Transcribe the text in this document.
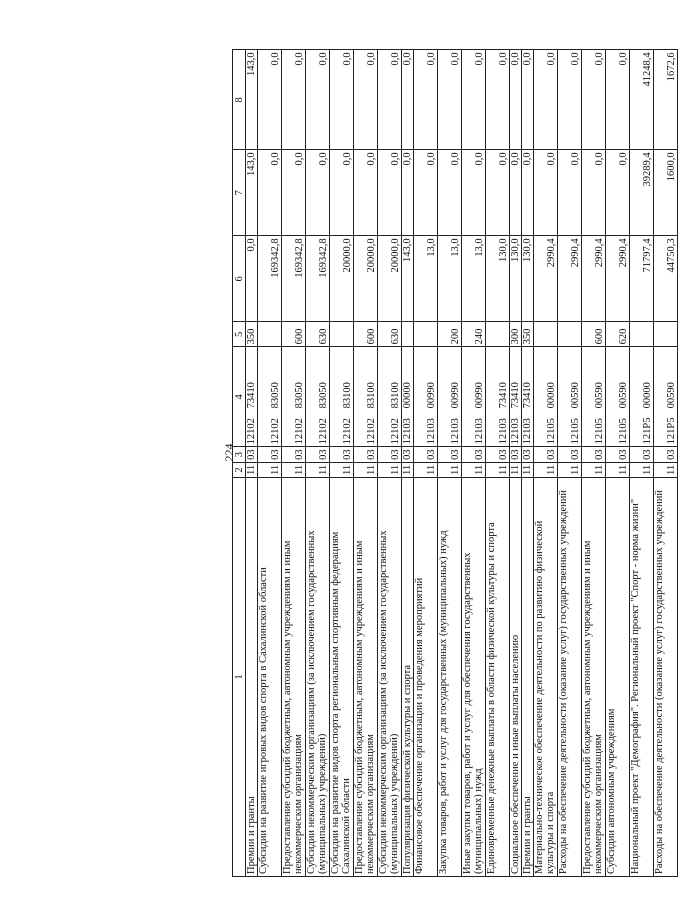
224
1	2	3	4	5	6	7	8
Премии и гранты	11	03	1210273410	350	0,0	143,0	143,0
Субсидии на развитие игровых видов спорта в Сахалинской области	11	03	1210283050		169342,8	0,0	0,0
Предоставление субсидий бюджетным, автономным учреждениям и иным некоммерческим организациям	11	03	1210283050	600	169342,8	0,0	0,0
Субсидии некоммерческим организациям (за исключением государственных (муниципальных) учреждений)	11	03	1210283050	630	169342,8	0,0	0,0
Субсидии на развитие видов спорта региональным спортивным федерациям Сахалинской области	11	03	1210283100		20000,0	0,0	0,0
Предоставление субсидий бюджетным, автономным учреждениям и иным некоммерческим организациям	11	03	1210283100	600	20000,0	0,0	0,0
Субсидии некоммерческим организациям (за исключением государственных (муниципальных) учреждений)	11	03	1210283100	630	20000,0	0,0	0,0
Популяризация физической культуры и спорта	11	03	1210300000		143,0	0,0	0,0
Финансовое обеспечение организации и проведения мероприятий	11	03	1210300990		13,0	0,0	0,0
Закупка товаров, работ и услуг для государственных (муниципальных) нужд	11	03	1210300990	200	13,0	0,0	0,0
Иные закупки товаров, работ и услуг для обеспечения государственных (муниципальных) нужд	11	03	1210300990	240	13,0	0,0	0,0
Единовременные денежные выплаты в области физической культуры и спорта	11	03	1210373410		130,0	0,0	0,0
Социальное обеспечение и иные выплаты населению	11	03	1210373410	300	130,0	0,0	0,0
Премии и гранты	11	03	1210373410	350	130,0	0,0	0,0
Материально-техническое обеспечение деятельности по развитию физической культуры и спорта	11	03	1210500000		2990,4	0,0	0,0
Расходы на обеспечение деятельности (оказание услуг) государственных учреждений	11	03	1210500590		2990,4	0,0	0,0
Предоставление субсидий бюджетным, автономным учреждениям и иным некоммерческим организациям	11	03	1210500590	600	2990,4	0,0	0,0
Субсидии автономным учреждениям	11	03	1210500590	620	2990,4	0,0	0,0
Национальный проект "Демография". Региональный проект "Спорт - норма жизни"	11	03	121P500000		71797,4	39289,4	41248,4
Расходы на обеспечение деятельности (оказание услуг) государственных учреждений	11	03	121P500590		44750,3	1600,0	1672,6
